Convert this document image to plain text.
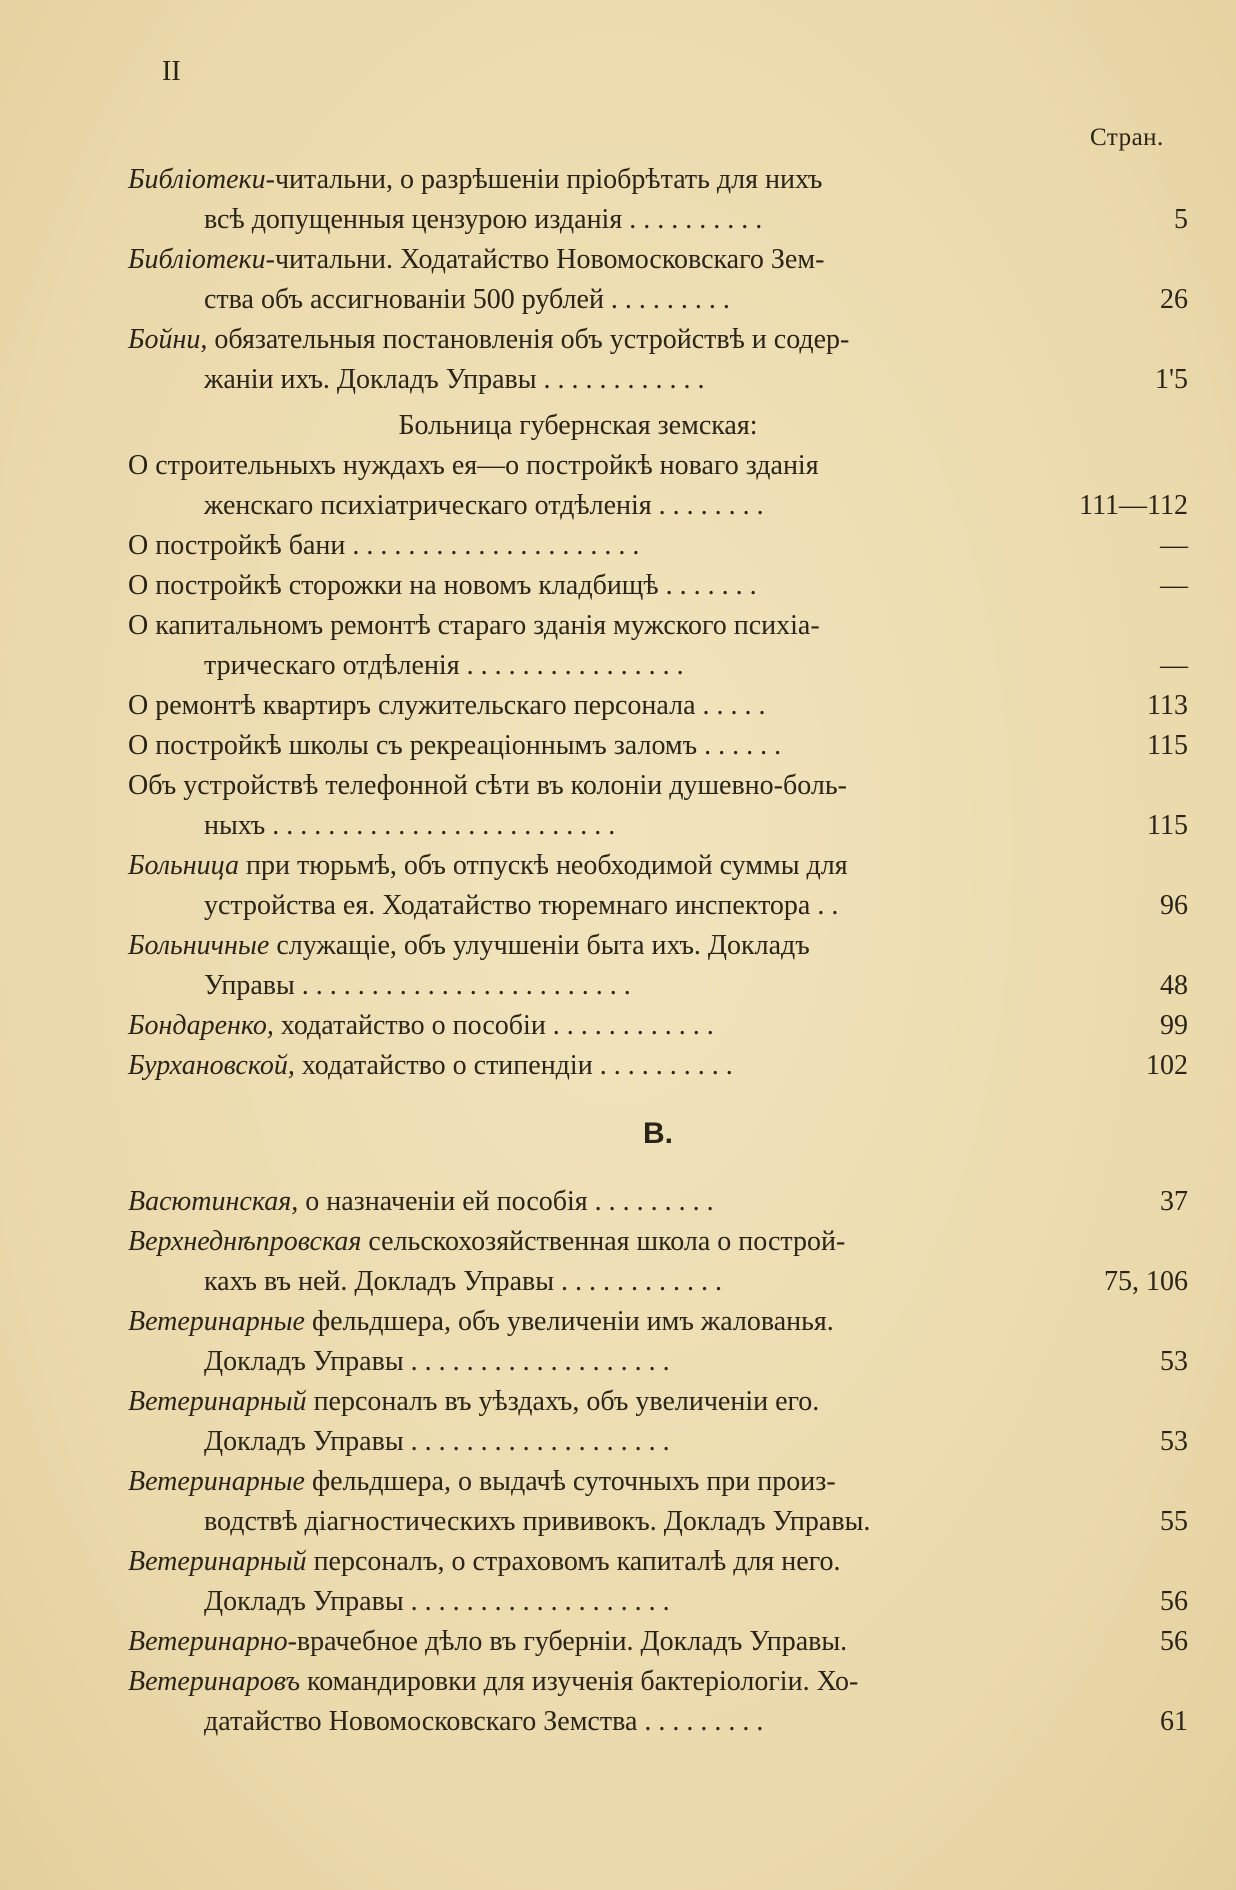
II
Стран.
Библіотеки-читальни, о разрѣшеніи пріобрѣтать для нихъ
всѣ допущенныя цензурою изданія . . . . . . . . . .	5
Библіотеки-читальни. Ходатайство Новомосковскаго Зем-
ства объ ассигнованіи 500 рублей . . . . . . . . .	26
Бойни, обязательныя постановленія объ устройствѣ и содер-
жаніи ихъ. Докладъ Управы . . . . . . . . . . . .	1'5
Больница губернская земская:
О строительныхъ нуждахъ ея—о постройкѣ новаго зданія
женскаго психіатрическаго отдѣленія . . . . . . . .	111—112
О постройкѣ бани . . . . . . . . . . . . . . . . . . . . .	—
О постройкѣ сторожки на новомъ кладбищѣ . . . . . . .	—
О капитальномъ ремонтѣ стараго зданія мужского психіа-
трическаго отдѣленія . . . . . . . . . . . . . . . .	—
О ремонтѣ квартиръ служительскаго персонала . . . . .	113
О постройкѣ школы съ рекреаціоннымъ заломъ . . . . . .	115
Объ устройствѣ телефонной сѣти въ колоніи душевно-боль-
ныхъ . . . . . . . . . . . . . . . . . . . . . . . . .	115
Больница при тюрьмѣ, объ отпускѣ необходимой суммы для
устройства ея. Ходатайство тюремнаго инспектора . .	96
Больничные служащіе, объ улучшеніи быта ихъ. Докладъ
Управы . . . . . . . . . . . . . . . . . . . . . . . .	48
Бондаренко, ходатайство о пособіи . . . . . . . . . . . .	99
Бурхановской, ходатайство о стипендіи . . . . . . . . . .	102
В.
Васютинская, о назначеніи ей пособія . . . . . . . . .	37
Верхнеднѣпровская сельскохозяйственная школа о построй-
кахъ въ ней. Докладъ Управы . . . . . . . . . . . .	75, 106
Ветеринарные фельдшера, объ увеличеніи имъ жалованья.
Докладъ Управы . . . . . . . . . . . . . . . . . . .	53
Ветеринарный персоналъ въ уѣздахъ, объ увеличеніи его.
Докладъ Управы . . . . . . . . . . . . . . . . . . .	53
Ветеринарные фельдшера, о выдачѣ суточныхъ при произ-
водствѣ діагностическихъ прививокъ. Докладъ Управы.	55
Ветеринарный персоналъ, о страховомъ капиталѣ для него.
Докладъ Управы . . . . . . . . . . . . . . . . . . .	56
Ветеринарно-врачебное дѣло въ губерніи. Докладъ Управы.	56
Ветеринаровъ командировки для изученія бактеріологіи. Хо-
датайство Новомосковскаго Земства . . . . . . . . .	61
